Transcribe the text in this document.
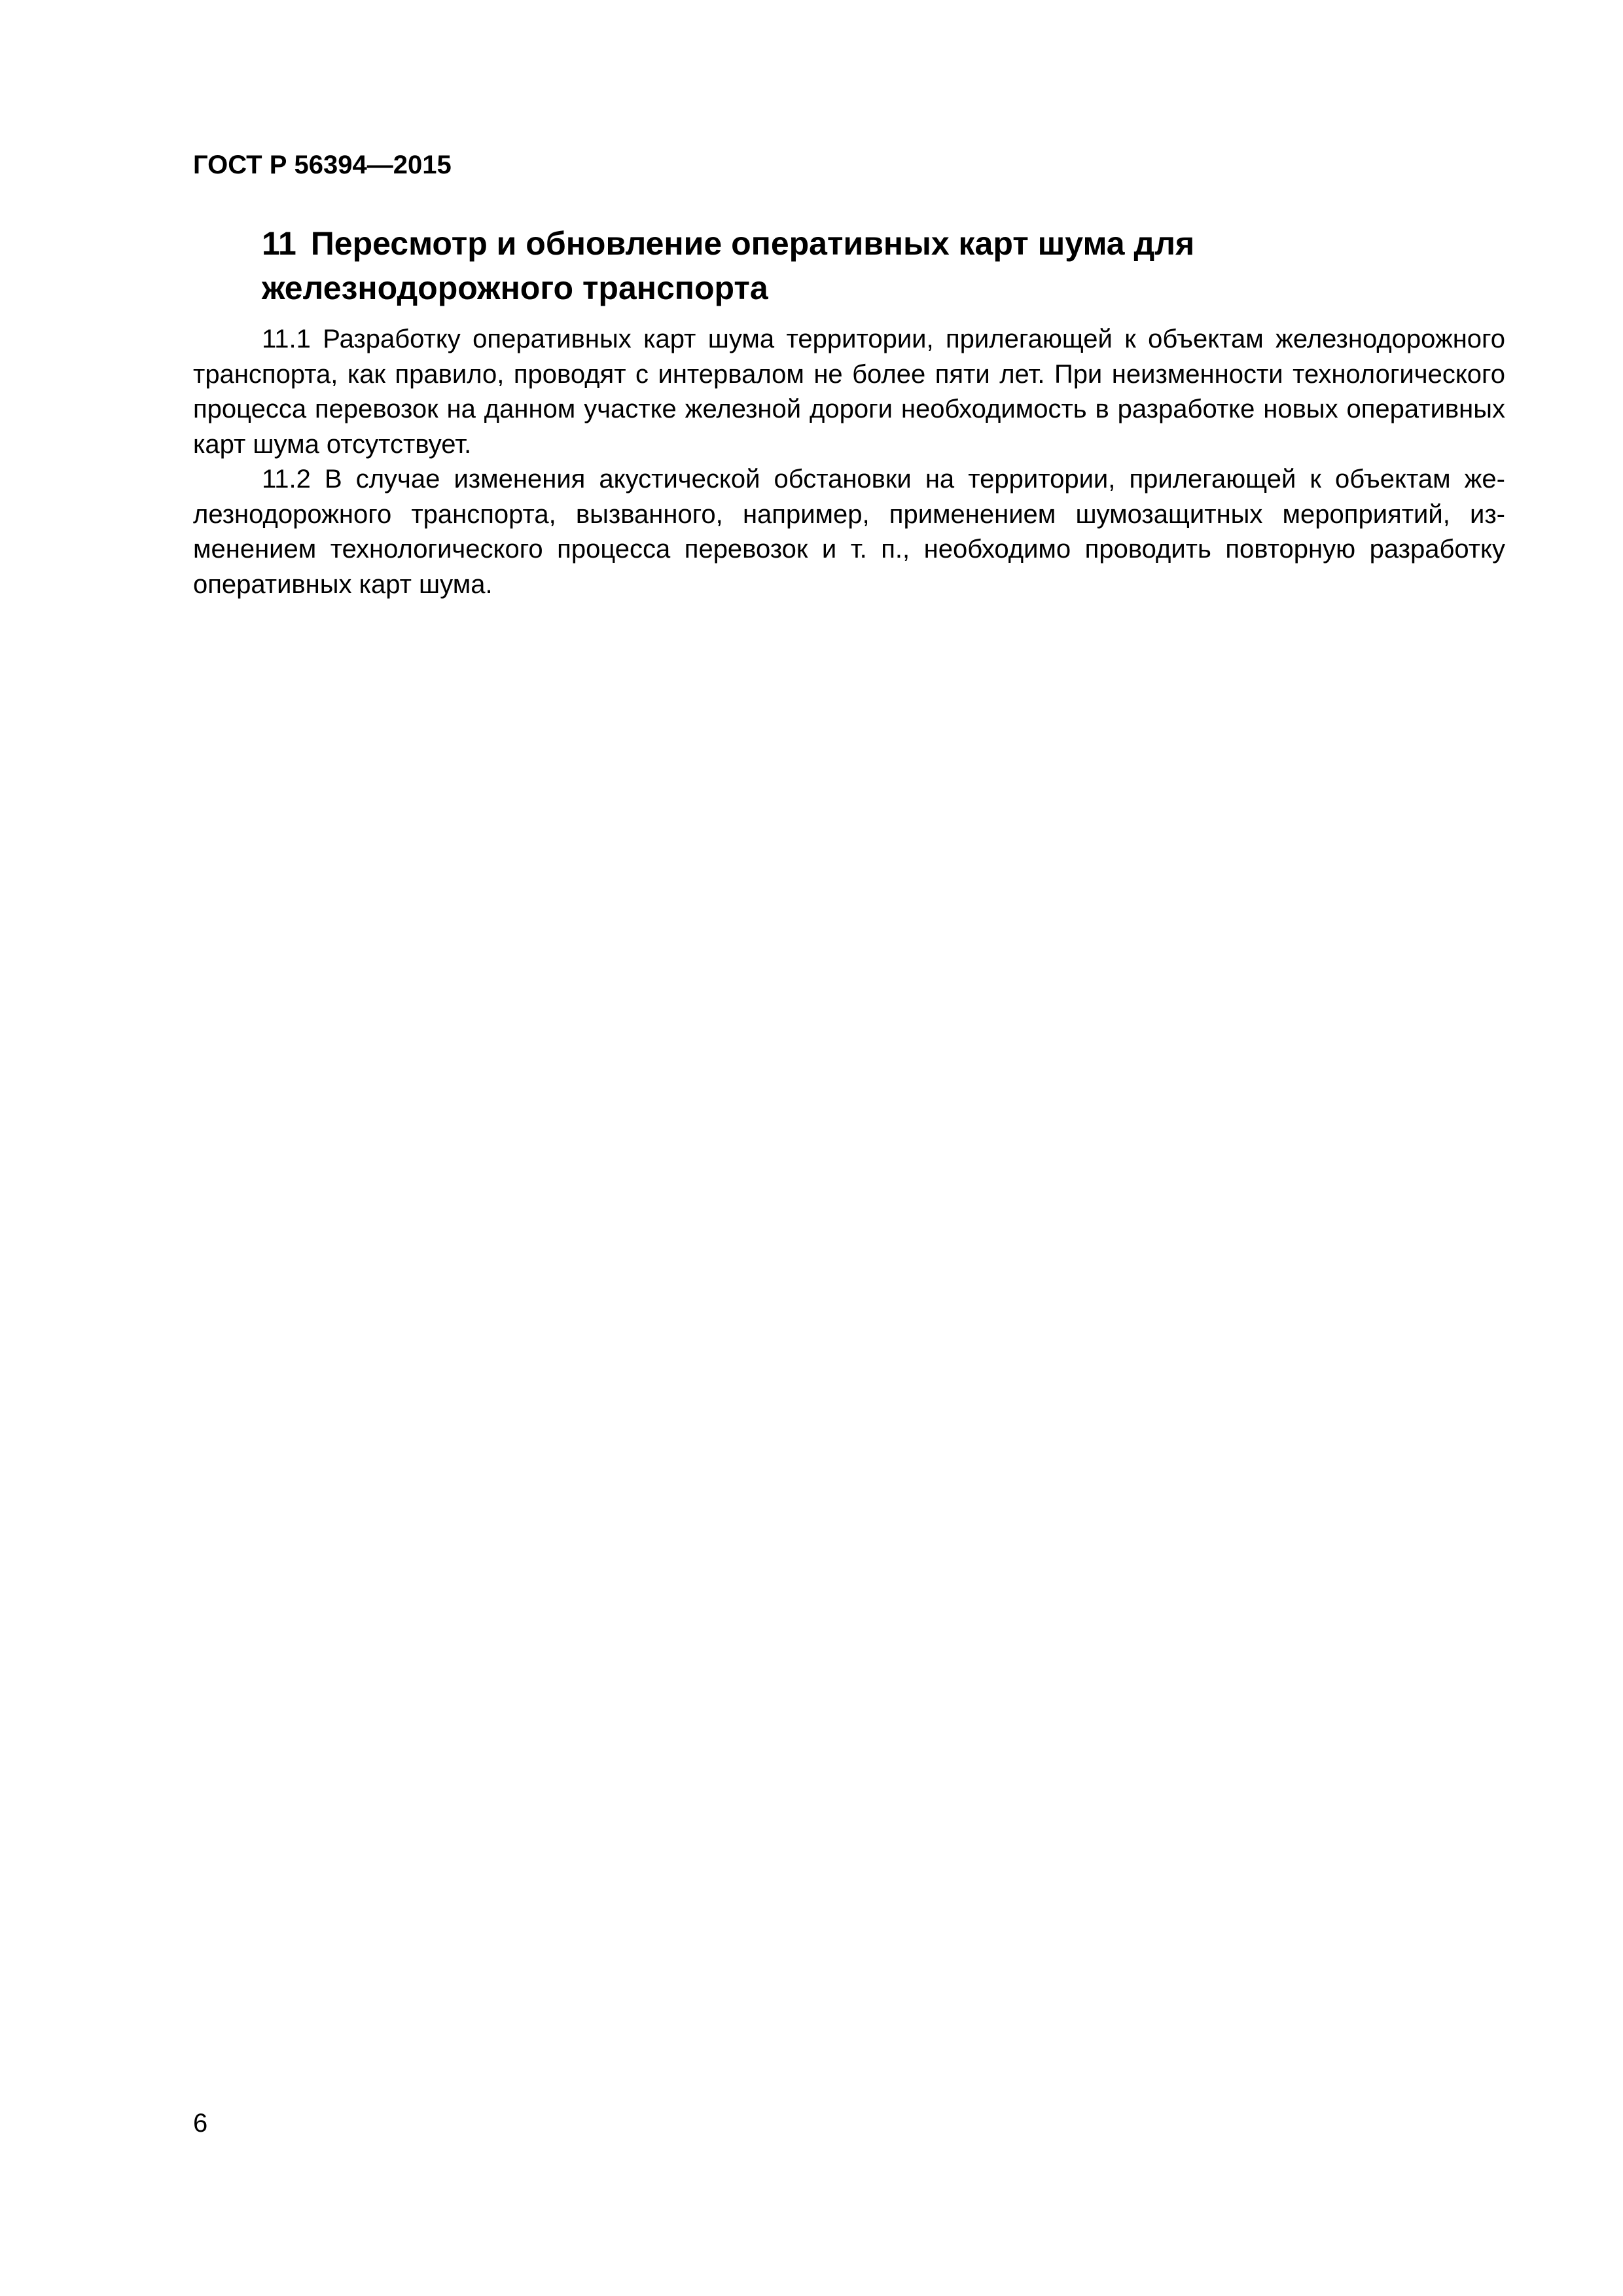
ГОСТ Р 56394—2015
11 Пересмотр и обновление оперативных карт шума для
железнодорожного транспорта

11.1 Разработку оперативных карт шума территории, прилегающей к объектам железнодорожного транспорта, как правило, проводят с интервалом не более пяти лет. При неизменности технологического процесса перевозок на данном участке железной дороги необходимость в разработке новых оперативных карт шума отсутствует.

11.2 В случае изменения акустической обстановки на территории, прилегающей к объектам железнодорожного транспорта, вызванного, например, применением шумозащитных мероприятий, изменением технологического процесса перевозок и т. п., необходимо проводить повторную разработку оперативных карт шума.

6
